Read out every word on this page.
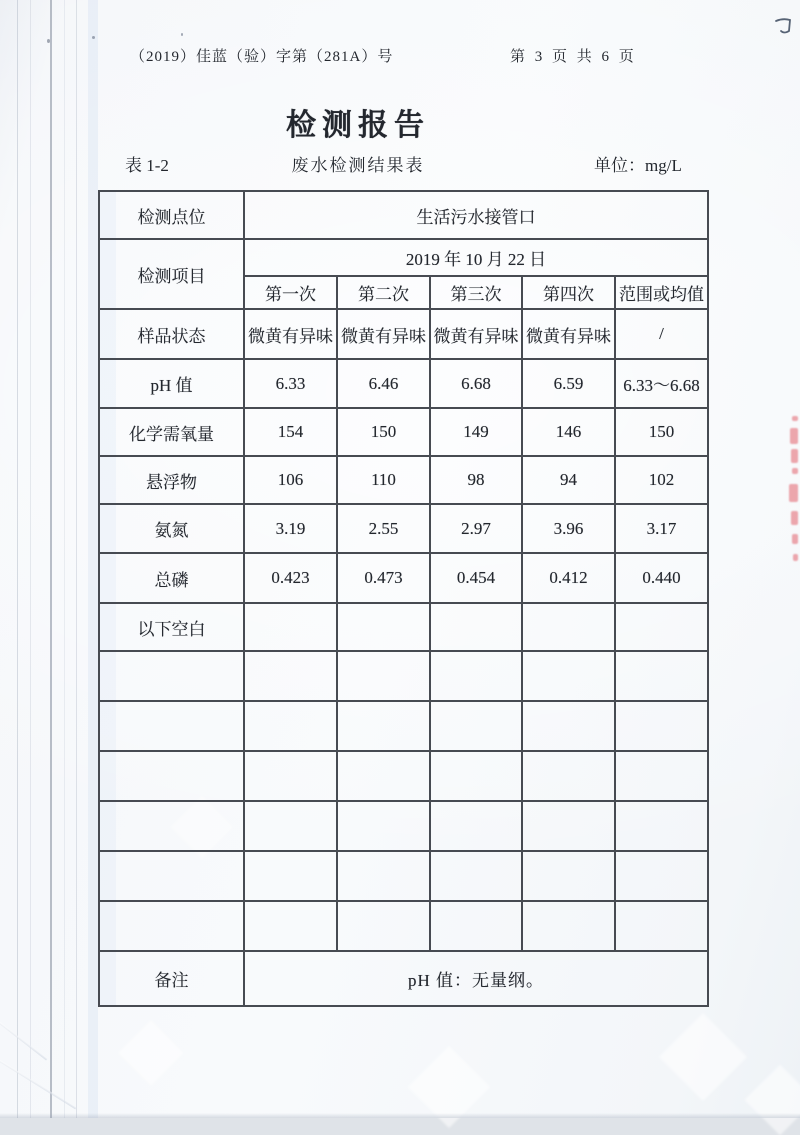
（2019）佳蓝（验）字第（281A）号	第 3 页 共 6 页
检测报告
表 1-2	废水检测结果表	单位：mg/L
检测点位	生活污水接管口				
检测项目	2019 年 10 月 22 日				
	第一次	第二次	第三次	第四次	范围或均值
样品状态	微黄有异味	微黄有异味	微黄有异味	微黄有异味	/
pH 值	6.33	6.46	6.68	6.59	6.33～6.68
化学需氧量	154	150	149	146	150
悬浮物	106	110	98	94	102
氨氮	3.19	2.55	2.97	3.96	3.17
总磷	0.423	0.473	0.454	0.412	0.440
以下空白					

备注	pH 值：无量纲。				
